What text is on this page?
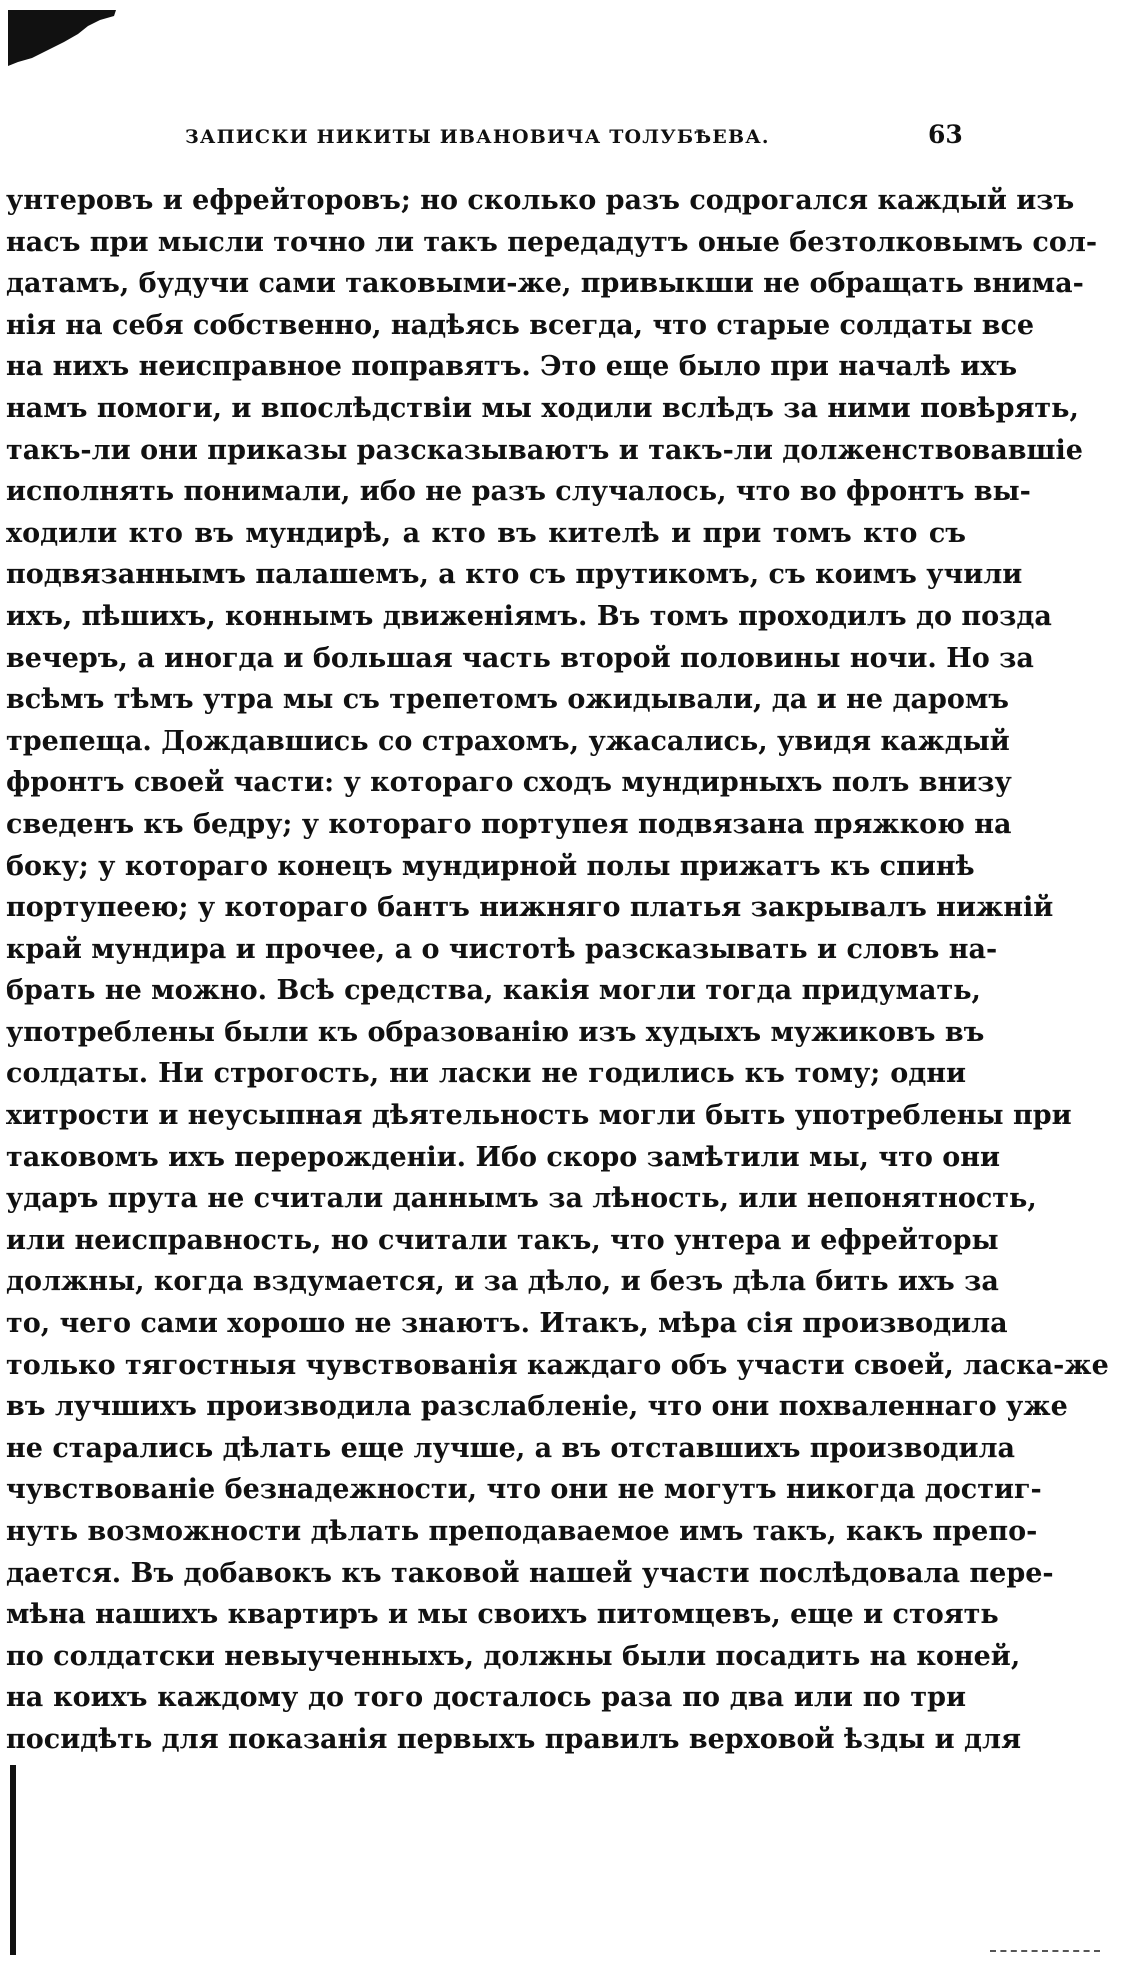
ЗАПИСКИ НИКИТЫ ИВАНОВИЧА ТОЛУБѢЕВА.	63
унтеровъ и ефрейторовъ; но сколько разъ содрогался каждый изъ
насъ при мысли точно ли такъ передадутъ оные безтолковымъ сол-
датамъ, будучи сами таковыми-же, привыкши не обращать внима-
нія на себя собственно, надѣясь всегда, что старые солдаты все
на нихъ неисправное поправятъ. Это еще было при началѣ ихъ
намъ помоги, и впослѣдствіи мы ходили вслѣдъ за ними повѣрять,
такъ-ли они приказы разсказываютъ и такъ-ли долженствовавшіе
исполнять понимали, ибо не разъ случалось, что во фронтъ вы-
ходили кто въ мундирѣ, а кто въ кителѣ и при томъ кто съ
подвязаннымъ палашемъ, а кто съ прутикомъ, съ коимъ учили
ихъ, пѣшихъ, коннымъ движеніямъ. Въ томъ проходилъ до позда
вечеръ, а иногда и большая часть второй половины ночи. Но за
всѣмъ тѣмъ утра мы съ трепетомъ ожидывали, да и не даромъ
трепеща. Дождавшись со страхомъ, ужасались, увидя каждый
фронтъ своей части: у котораго сходъ мундирныхъ полъ внизу
сведенъ къ бедру; у котораго портупея подвязана пряжкою на
боку; у котораго конецъ мундирной полы прижатъ къ спинѣ
портупеею; у котораго бантъ нижняго платья закрывалъ нижній
край мундира и прочее, а о чистотѣ разсказывать и словъ на-
брать не можно. Всѣ средства, какія могли тогда придумать,
употреблены были къ образованію изъ худыхъ мужиковъ въ
солдаты. Ни строгость, ни ласки не годились къ тому; одни
хитрости и неусыпная дѣятельность могли быть употреблены при
таковомъ ихъ перерожденіи. Ибо скоро замѣтили мы, что они
ударъ прута не считали даннымъ за лѣность, или непонятность,
или неисправность, но считали такъ, что унтера и ефрейторы
должны, когда вздумается, и за дѣло, и безъ дѣла бить ихъ за
то, чего сами хорошо не знаютъ. Итакъ, мѣра сія производила
только тягостныя чувствованія каждаго объ участи своей, ласка-же
въ лучшихъ производила разслабленіе, что они похваленнаго уже
не старались дѣлать еще лучше, а въ отставшихъ производила
чувствованіе безнадежности, что они не могутъ никогда достиг-
нуть возможности дѣлать преподаваемое имъ такъ, какъ препо-
дается. Въ добавокъ къ таковой нашей участи послѣдовала пере-
мѣна нашихъ квартиръ и мы своихъ питомцевъ, еще и стоять
по солдатски невыученныхъ, должны были посадить на коней,
на коихъ каждому до того досталось раза по два или по три
посидѣть для показанія первыхъ правилъ верховой ѣзды и для
